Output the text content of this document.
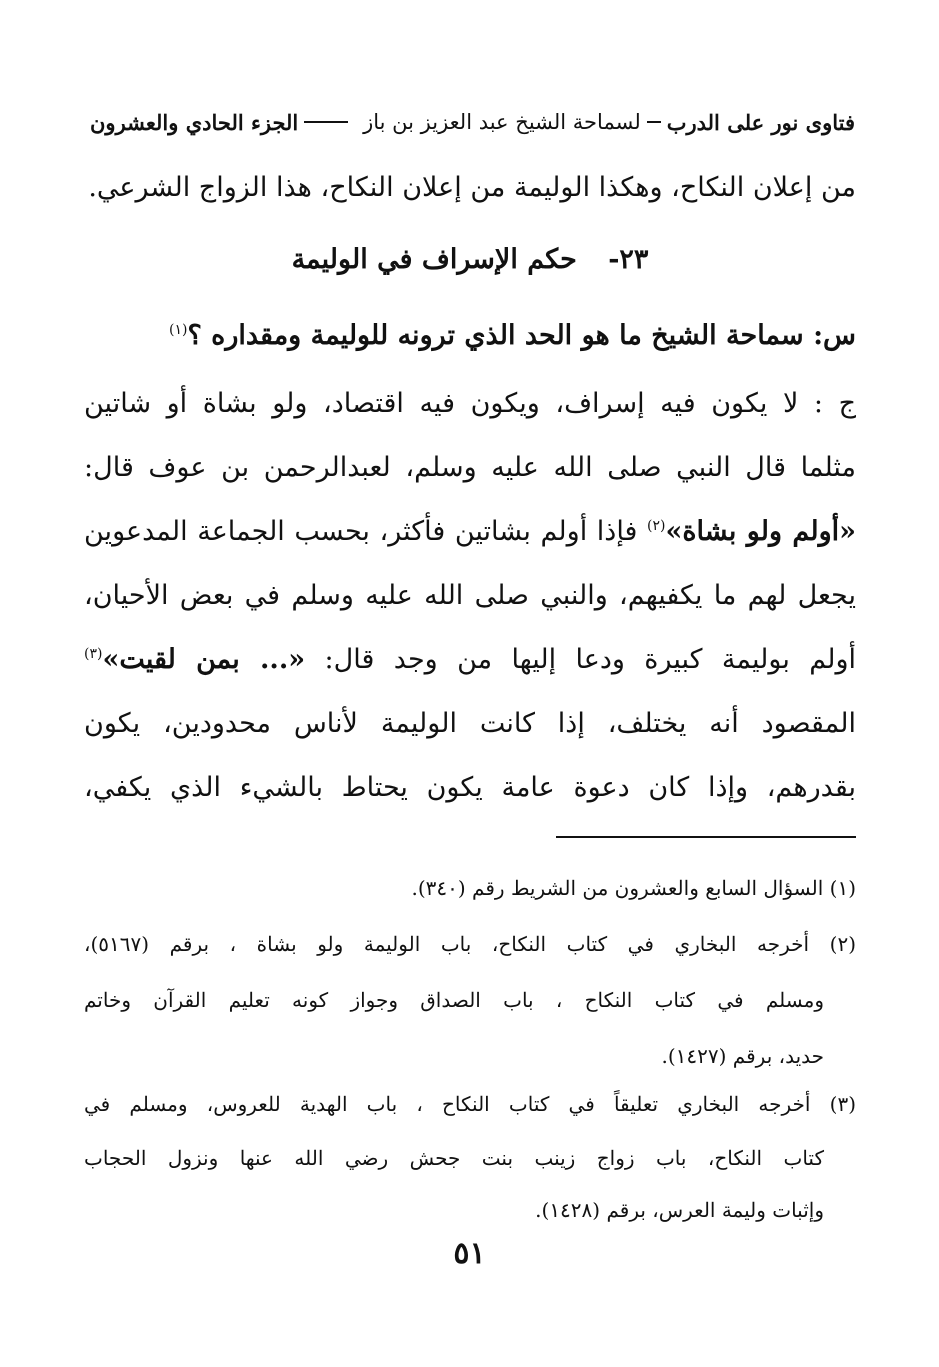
فتاوى نور على الدرب
لسماحة الشيخ عبد العزيز بن باز
الجزء الحادي والعشرون
من إعلان النكاح، وهكذا الوليمة من إعلان النكاح، هذا الزواج الشرعي.
٢٣- حكم الإسراف في الوليمة
س: سماحة الشيخ ما هو الحد الذي ترونه للوليمة ومقداره ؟$^{(١)}$
ج : لا يكون فيه إسراف، ويكون فيه اقتصاد، ولو بشاة أو شاتين
مثلما قال النبي صلى الله عليه وسلم، لعبدالرحمن بن عوف قال:
«أولم ولو بشاة»$^{(٢)}$ فإذا أولم بشاتين فأكثر، بحسب الجماعة المدعوين
يجعل لهم ما يكفيهم، والنبي صلى الله عليه وسلم في بعض الأحيان،
أولم بوليمة كبيرة ودعا إليها من وجد قال: «... بمن لقيت»$^{(٣)}$
المقصود أنه يختلف، إذا كانت الوليمة لأناس محدودين، يكون
بقدرهم، وإذا كان دعوة عامة يكون يحتاط بالشيء الذي يكفي،
(١) السؤال السابع والعشرون من الشريط رقم (٣٤٠).
(٢) أخرجه البخاري في كتاب النكاح، باب الوليمة ولو بشاة ، برقم (٥١٦٧)،
ومسلم في كتاب النكاح ، باب الصداق وجواز كونه تعليم القرآن وخاتم
حديد، برقم (١٤٢٧).
(٣) أخرجه البخاري تعليقاً في كتاب النكاح ، باب الهدية للعروس، ومسلم في
كتاب النكاح، باب زواج زينب بنت جحش رضي الله عنها ونزول الحجاب
وإثبات وليمة العرس، برقم (١٤٢٨).
٥١
